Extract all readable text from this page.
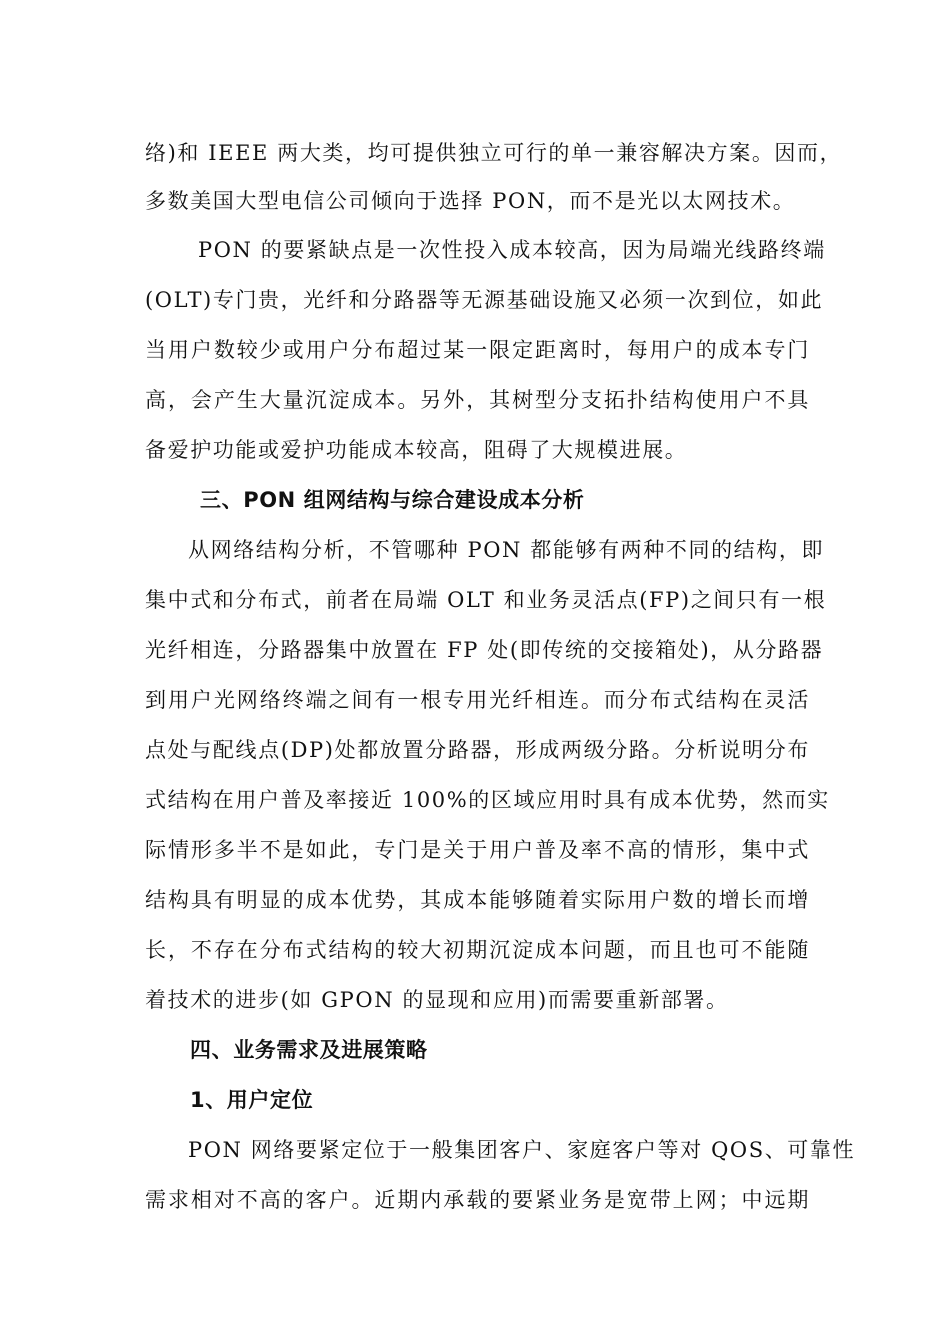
络)和 IEEE 两大类，均可提供独立可行的单一兼容解决方案。因而，
多数美国大型电信公司倾向于选择 PON，而不是光以太网技术。
PON 的要紧缺点是一次性投入成本较高，因为局端光线路终端
(OLT)专门贵，光纤和分路器等无源基础设施又必须一次到位，如此
当用户数较少或用户分布超过某一限定距离时，每用户的成本专门
高，会产生大量沉淀成本。另外，其树型分支拓扑结构使用户不具
备爱护功能或爱护功能成本较高，阻碍了大规模进展。
三、PON 组网结构与综合建设成本分析
从网络结构分析，不管哪种 PON 都能够有两种不同的结构，即
集中式和分布式，前者在局端 OLT 和业务灵活点(FP)之间只有一根
光纤相连，分路器集中放置在 FP 处(即传统的交接箱处)，从分路器
到用户光网络终端之间有一根专用光纤相连。而分布式结构在灵活
点处与配线点(DP)处都放置分路器，形成两级分路。分析说明分布
式结构在用户普及率接近 100%的区域应用时具有成本优势，然而实
际情形多半不是如此，专门是关于用户普及率不高的情形，集中式
结构具有明显的成本优势，其成本能够随着实际用户数的增长而增
长，不存在分布式结构的较大初期沉淀成本问题，而且也可不能随
着技术的进步(如 GPON 的显现和应用)而需要重新部署。
四、业务需求及进展策略
1、用户定位
PON 网络要紧定位于一般集团客户、家庭客户等对 QOS、可靠性
需求相对不高的客户。近期内承载的要紧业务是宽带上网；中远期
